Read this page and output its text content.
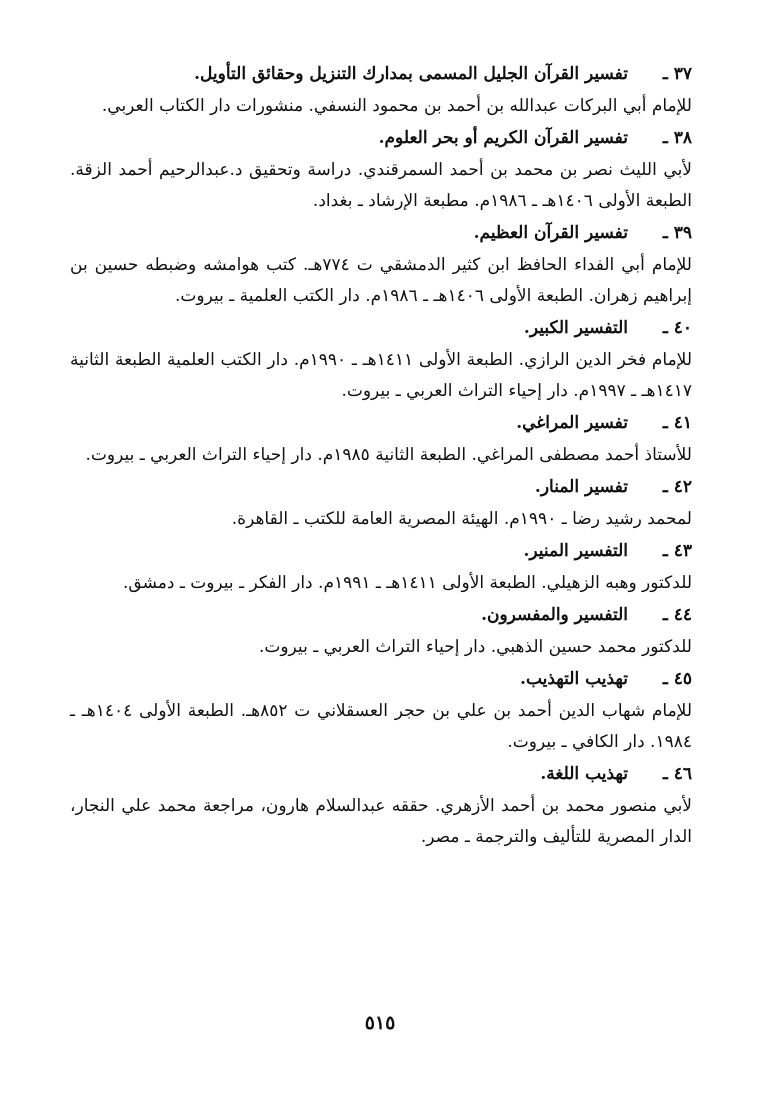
٣٧ ـ
تفسير القرآن الجليل المسمى بمدارك التنزيل وحقائق التأويل.

للإمام أبي البركات عبدالله بن أحمد بن محمود النسفي. منشورات دار الكتاب العربي.

٣٨ ـ
تفسير القرآن الكريم أو بحر العلوم.

لأبي الليث نصر بن محمد بن أحمد السمرقندي. دراسة وتحقيق د.عبدالرحيم أحمد الزقة. الطبعة الأولى ١٤٠٦هـ ـ ١٩٨٦م. مطبعة الإرشاد ـ بغداد.

٣٩ ـ
تفسير القرآن العظيم.

للإمام أبي الفداء الحافظ ابن كثير الدمشقي ت ٧٧٤هـ. كتب هوامشه وضبطه حسين بن إبراهيم زهران. الطبعة الأولى ١٤٠٦هـ ـ ١٩٨٦م. دار الكتب العلمية ـ بيروت.

٤٠ ـ
التفسير الكبير.

للإمام فخر الدين الرازي. الطبعة الأولى ١٤١١هـ ـ ١٩٩٠م. دار الكتب العلمية الطبعة الثانية ١٤١٧هـ ـ ١٩٩٧م. دار إحياء التراث العربي ـ بيروت.

٤١ ـ
تفسير المراغي.

للأستاذ أحمد مصطفى المراغي. الطبعة الثانية ١٩٨٥م. دار إحياء التراث العربي ـ بيروت.

٤٢ ـ
تفسير المنار.

لمحمد رشيد رضا ـ ١٩٩٠م. الهيئة المصرية العامة للكتب ـ القاهرة.

٤٣ ـ
التفسير المنير.

للدكتور وهبه الزهيلي. الطبعة الأولى ١٤١١هـ ـ ١٩٩١م. دار الفكر ـ بيروت ـ دمشق.

٤٤ ـ
التفسير والمفسرون.

للدكتور محمد حسين الذهبي. دار إحياء التراث العربي ـ بيروت.

٤٥ ـ
تهذيب التهذيب.

للإمام شهاب الدين أحمد بن علي بن حجر العسقلاني ت ٨٥٢هـ. الطبعة الأولى ١٤٠٤هـ ـ ١٩٨٤. دار الكافي ـ بيروت.

٤٦ ـ
تهذيب اللغة.

لأبي منصور محمد بن أحمد الأزهري. حققه عبدالسلام هارون، مراجعة محمد علي النجار، الدار المصرية للتأليف والترجمة ـ مصر.

٥١٥
